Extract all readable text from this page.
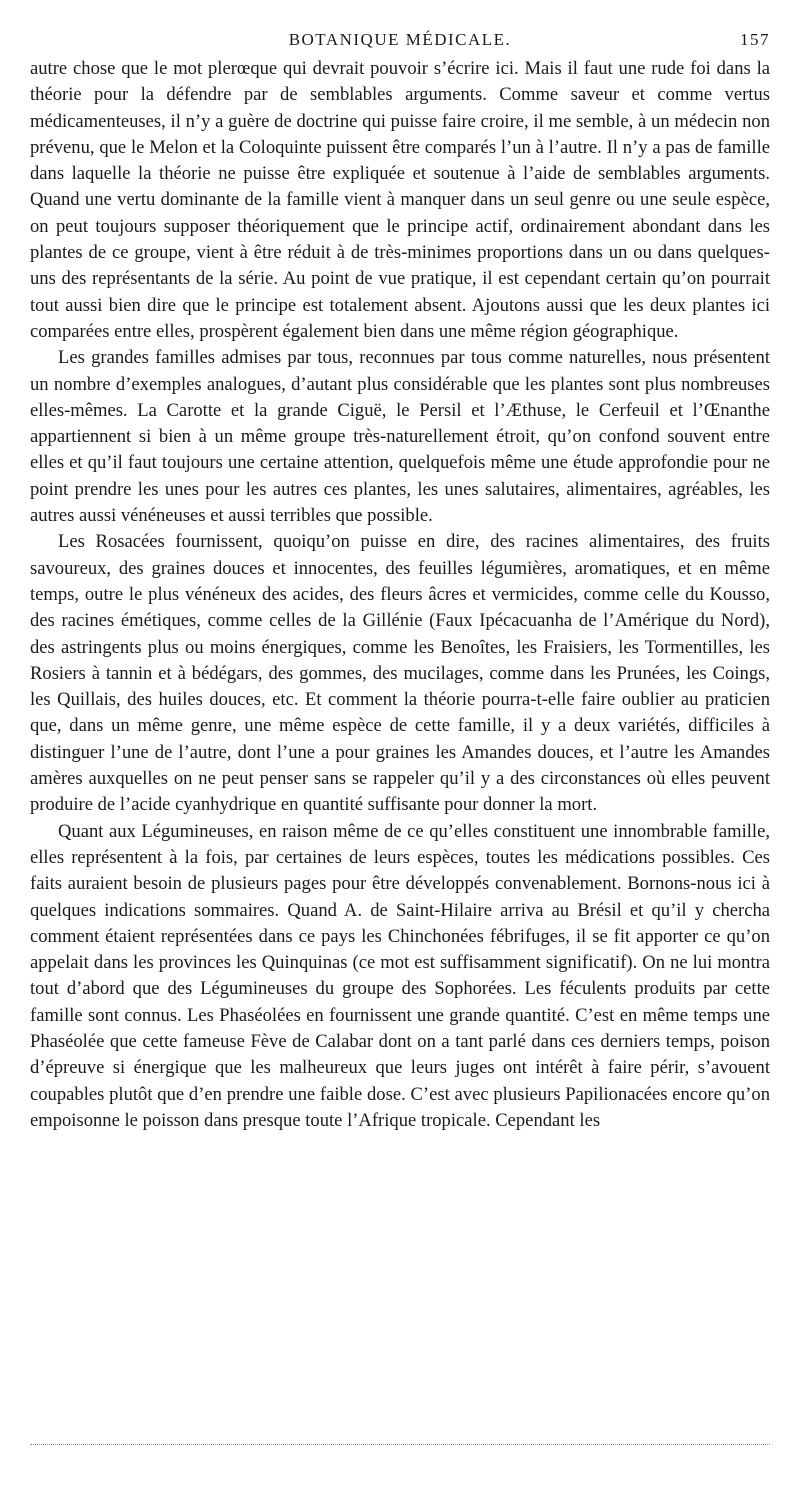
BOTANIQUE MÉDICALE.	157

autre chose que le mot plerœque qui devrait pouvoir s’écrire ici. Mais il faut une rude foi dans la théorie pour la défendre par de semblables arguments. Comme saveur et comme vertus médicamenteuses, il n’y a guère de doctrine qui puisse faire croire, il me semble, à un médecin non prévenu, que le Melon et la Coloquinte puissent être comparés l’un à l’autre. Il n’y a pas de famille dans laquelle la théorie ne puisse être expliquée et soutenue à l’aide de semblables arguments. Quand une vertu dominante de la famille vient à manquer dans un seul genre ou une seule espèce, on peut toujours supposer théoriquement que le principe actif, ordinairement abondant dans les plantes de ce groupe, vient à être réduit à de très-minimes proportions dans un ou dans quelques-uns des représentants de la série. Au point de vue pratique, il est cependant certain qu’on pourrait tout aussi bien dire que le principe est totalement absent. Ajoutons aussi que les deux plantes ici comparées entre elles, prospèrent également bien dans une même région géographique.

Les grandes familles admises par tous, reconnues par tous comme naturelles, nous présentent un nombre d’exemples analogues, d’autant plus considérable que les plantes sont plus nombreuses elles-mêmes. La Carotte et la grande Ciguë, le Persil et l’Æthuse, le Cerfeuil et l’Œnanthe appartiennent si bien à un même groupe très-naturellement étroit, qu’on confond souvent entre elles et qu’il faut toujours une certaine attention, quelquefois même une étude approfondie pour ne point prendre les unes pour les autres ces plantes, les unes salutaires, alimentaires, agréables, les autres aussi vénéneuses et aussi terribles que possible.

Les Rosacées fournissent, quoiqu’on puisse en dire, des racines alimentaires, des fruits savoureux, des graines douces et innocentes, des feuilles légumières, aromatiques, et en même temps, outre le plus vénéneux des acides, des fleurs âcres et vermicides, comme celle du Kousso, des racines émétiques, comme celles de la Gillénie (Faux Ipécacuanha de l’Amérique du Nord), des astringents plus ou moins énergiques, comme les Benoîtes, les Fraisiers, les Tormentilles, les Rosiers à tannin et à bédégars, des gommes, des mucilages, comme dans les Prunées, les Coings, les Quillais, des huiles douces, etc. Et comment la théorie pourra-t-elle faire oublier au praticien que, dans un même genre, une même espèce de cette famille, il y a deux variétés, difficiles à distinguer l’une de l’autre, dont l’une a pour graines les Amandes douces, et l’autre les Amandes amères auxquelles on ne peut penser sans se rappeler qu’il y a des circonstances où elles peuvent produire de l’acide cyanhydrique en quantité suffisante pour donner la mort.

Quant aux Légumineuses, en raison même de ce qu’elles constituent une innombrable famille, elles représentent à la fois, par certaines de leurs espèces, toutes les médications possibles. Ces faits auraient besoin de plusieurs pages pour être développés convenablement. Bornons-nous ici à quelques indications sommaires. Quand A. de Saint-Hilaire arriva au Brésil et qu’il y chercha comment étaient représentées dans ce pays les Chinchonées fébrifuges, il se fit apporter ce qu’on appelait dans les provinces les Quinquinas (ce mot est suffisamment significatif). On ne lui montra tout d’abord que des Légumineuses du groupe des Sophorées. Les féculents produits par cette famille sont connus. Les Phaséolées en fournissent une grande quantité. C’est en même temps une Phaséolée que cette fameuse Fève de Calabar dont on a tant parlé dans ces derniers temps, poison d’épreuve si énergique que les malheureux que leurs juges ont intérêt à faire périr, s’avouent coupables plutôt que d’en prendre une faible dose. C’est avec plusieurs Papilionacées encore qu’on empoisonne le poisson dans presque toute l’Afrique tropicale. Cependant les
